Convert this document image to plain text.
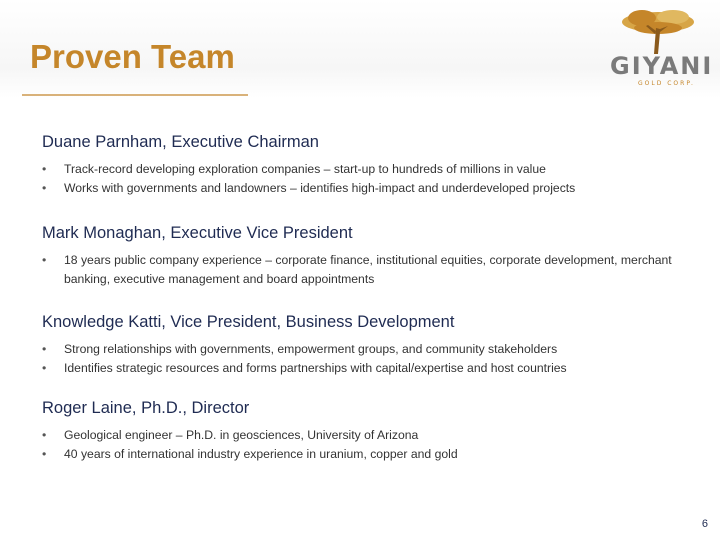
Proven Team	GIYANI
GOLD CORP.

Duane Parnham, Executive Chairman

• Track-record developing exploration companies – start-up to hundreds of millions in value
• Works with governments and landowners – identifies high-impact and underdeveloped projects

Mark Monaghan, Executive Vice President

• 18 years public company experience – corporate finance, institutional equities, corporate development, merchant banking, executive management and board appointments

Knowledge Katti, Vice President, Business Development

• Strong relationships with governments, empowerment groups, and community stakeholders
• Identifies strategic resources and forms partnerships with capital/expertise and host countries

Roger Laine, Ph.D., Director

• Geological engineer – Ph.D. in geosciences, University of Arizona
• 40 years of international industry experience in uranium, copper and gold
6
